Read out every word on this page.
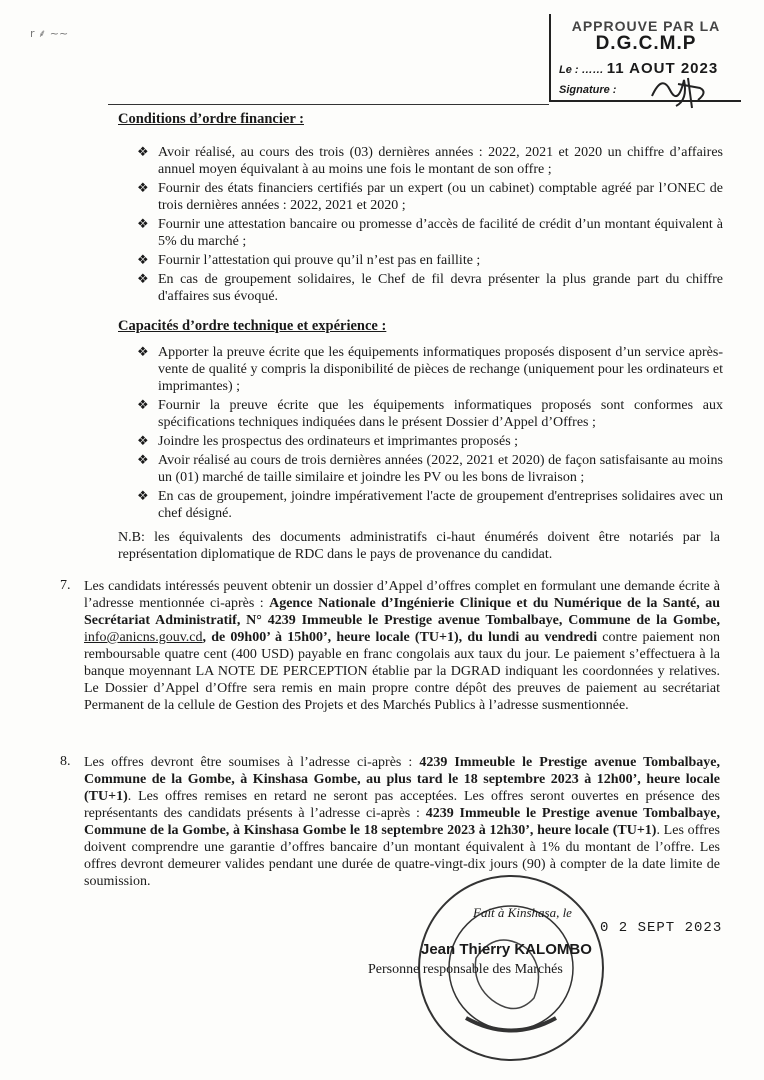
r ⸙ ~~	APPROUVE PAR LA
D.G.C.M.P
Le : …… 11 AOUT 2023
Signature :
Conditions d’ordre financier :
❖ Avoir réalisé, au cours des trois (03) dernières années : 2022, 2021 et 2020 un chiffre d’affaires annuel moyen équivalant à au moins une fois le montant de son offre ;
❖ Fournir des états financiers certifiés par un expert (ou un cabinet) comptable agréé par l’ONEC de trois dernières années : 2022, 2021 et 2020 ;
❖ Fournir une attestation bancaire ou promesse d’accès de facilité de crédit d’un montant équivalent à 5% du marché ;
❖ Fournir l’attestation qui prouve qu’il n’est pas en faillite ;
❖ En cas de groupement solidaires, le Chef de fil devra présenter la plus grande part du chiffre d'affaires sus évoqué.
Capacités d’ordre technique et expérience :
❖ Apporter la preuve écrite que les équipements informatiques proposés disposent d’un service après- vente de qualité y compris la disponibilité de pièces de rechange (uniquement pour les ordinateurs et imprimantes) ;
❖ Fournir la preuve écrite que les équipements informatiques proposés sont conformes aux spécifications techniques indiquées dans le présent Dossier d’Appel d’Offres ;
❖ Joindre les prospectus des ordinateurs et imprimantes proposés ;
❖ Avoir réalisé au cours de trois dernières années (2022, 2021 et 2020) de façon satisfaisante au moins un (01) marché de taille similaire et joindre les PV ou les bons de livraison ;
❖ En cas de groupement, joindre impérativement l'acte de groupement d'entreprises solidaires avec un chef désigné.
N.B: les équivalents des documents administratifs ci-haut énumérés doivent être notariés par la représentation diplomatique de RDC dans le pays de provenance du candidat.
7. Les candidats intéressés peuvent obtenir un dossier d’Appel d’offres complet en formulant une demande écrite à l’adresse mentionnée ci-après : Agence Nationale d’Ingénierie Clinique et du Numérique de la Santé, au Secrétariat Administratif, N° 4239 Immeuble le Prestige avenue Tombalbaye, Commune de la Gombe, info@anicns.gouv.cd, de 09h00’ à 15h00’, heure locale (TU+1), du lundi au vendredi contre paiement non remboursable quatre cent (400 USD) payable en franc congolais aux taux du jour. Le paiement s’effectuera à la banque moyennant LA NOTE DE PERCEPTION établie par la DGRAD indiquant les coordonnées y relatives. Le Dossier d’Appel d’Offre sera remis en main propre contre dépôt des preuves de paiement au secrétariat Permanent de la cellule de Gestion des Projets et des Marchés Publics à l’adresse susmentionnée.
8. Les offres devront être soumises à l’adresse ci-après : 4239 Immeuble le Prestige avenue Tombalbaye, Commune de la Gombe, à Kinshasa Gombe, au plus tard le 18 septembre 2023 à 12h00’, heure locale (TU+1). Les offres remises en retard ne seront pas acceptées. Les offres seront ouvertes en présence des représentants des candidats présents à l’adresse ci-après : 4239 Immeuble le Prestige avenue Tombalbaye, Commune de la Gombe, à Kinshasa Gombe le 18 septembre 2023 à 12h30’, heure locale (TU+1). Les offres doivent comprendre une garantie d’offres bancaire d’un montant équivalent à 1% du montant de l’offre. Les offres devront demeurer valides pendant une durée de quatre-vingt-dix jours (90) à compter de la date limite de soumission.
Fait à Kinshasa, le
0 2 SEPT 2023
Jean Thierry KALOMBO
Personne responsable des Marchés
